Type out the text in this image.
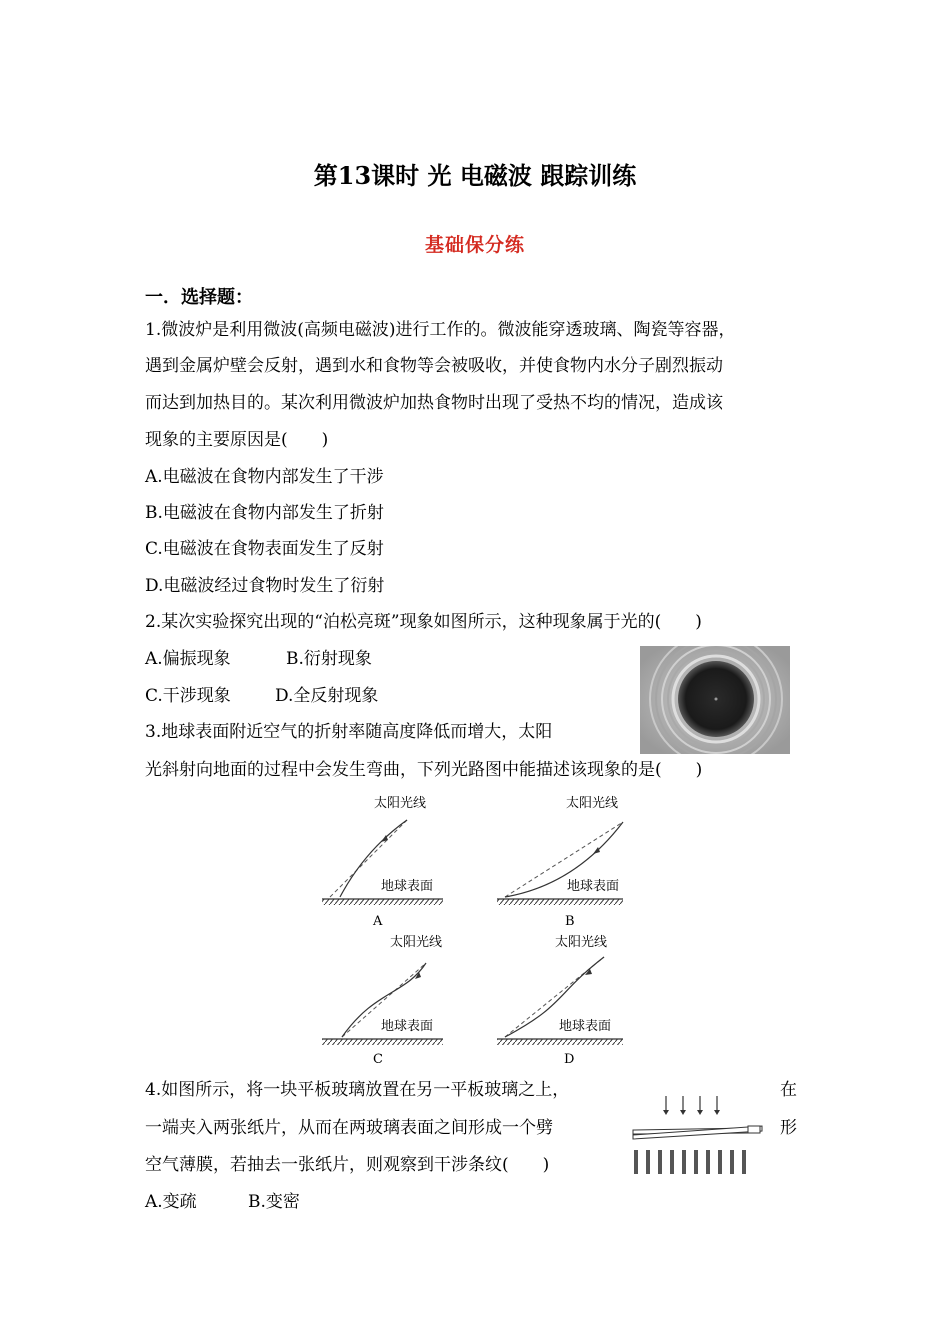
第13课时 光 电磁波 跟踪训练
基础保分练
一．选择题：
1.微波炉是利用微波(高频电磁波)进行工作的。微波能穿透玻璃、陶瓷等容器，
遇到金属炉壁会反射，遇到水和食物等会被吸收，并使食物内水分子剧烈振动
而达到加热目的。某次利用微波炉加热食物时出现了受热不均的情况，造成该
现象的主要原因是(　　)
A.电磁波在食物内部发生了干涉
B.电磁波在食物内部发生了折射
C.电磁波在食物表面发生了反射
D.电磁波经过食物时发生了衍射
2.某次实验探究出现的“泊松亮斑”现象如图所示，这种现象属于光的(　　)
A.偏振现象	B.衍射现象
C.干涉现象	D.全反射现象
3.地球表面附近空气的折射率随高度降低而增大，太阳
光斜射向地面的过程中会发生弯曲，下列光路图中能描述该现象的是(　　)
太阳光线
地球表面
A
太阳光线
地球表面
B
太阳光线
地球表面
C
太阳光线
地球表面
D
4.如图所示，将一块平板玻璃放置在另一平板玻璃之上，	在
一端夹入两张纸片，从而在两玻璃表面之间形成一个劈	形
空气薄膜，若抽去一张纸片，则观察到干涉条纹(　　)
A.变疏	B.变密
